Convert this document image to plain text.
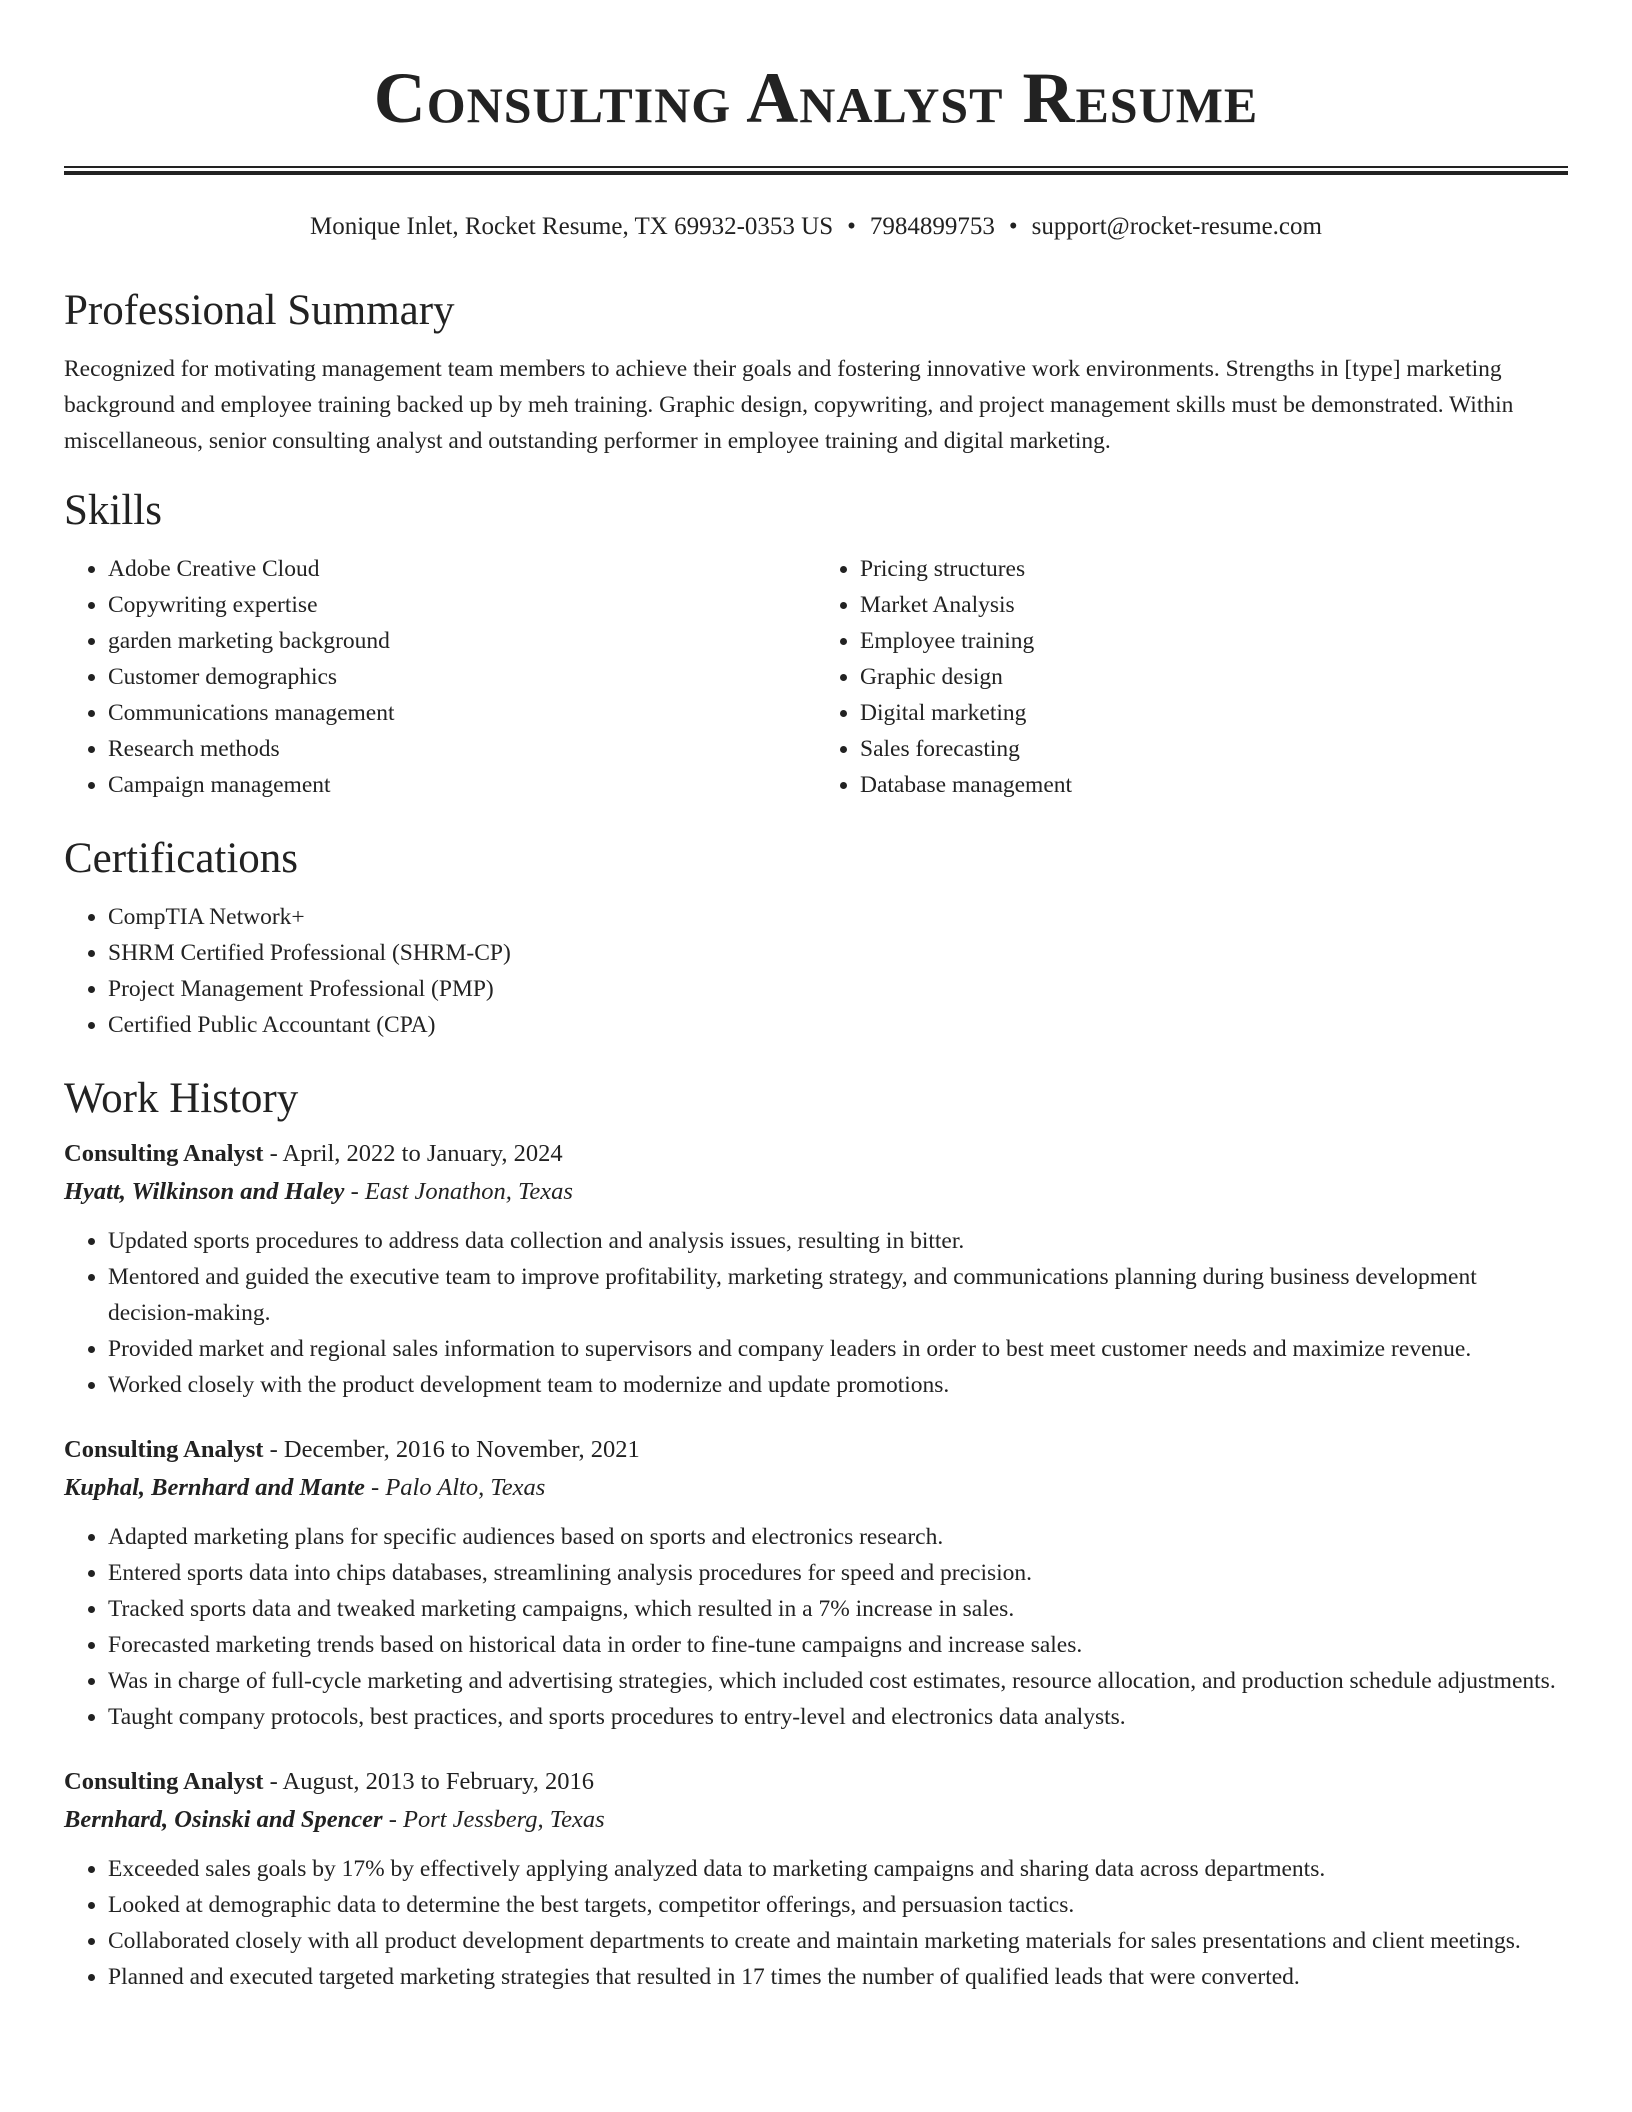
Consulting Analyst Resume
Monique Inlet, Rocket Resume, TX 69932-0353 US • 7984899753 • support@rocket-resume.com
Professional Summary

Recognized for motivating management team members to achieve their goals and fostering innovative work environments. Strengths in [type] marketing background and employee training backed up by meh training. Graphic design, copywriting, and project management skills must be demonstrated. Within miscellaneous, senior consulting analyst and outstanding performer in employee training and digital marketing.

Skills
• Adobe Creative Cloud
• Copywriting expertise
• garden marketing background
• Customer demographics
• Communications management
• Research methods
• Campaign management
• Pricing structures
• Market Analysis
• Employee training
• Graphic design
• Digital marketing
• Sales forecasting
• Database management
Certifications
• CompTIA Network+
• SHRM Certified Professional (SHRM-CP)
• Project Management Professional (PMP)
• Certified Public Accountant (CPA)
Work History
Consulting Analyst - April, 2022 to January, 2024
Hyatt, Wilkinson and Haley - East Jonathon, Texas
• Updated sports procedures to address data collection and analysis issues, resulting in bitter.
• Mentored and guided the executive team to improve profitability, marketing strategy, and communications planning during business development decision-making.
• Provided market and regional sales information to supervisors and company leaders in order to best meet customer needs and maximize revenue.
• Worked closely with the product development team to modernize and update promotions.
Consulting Analyst - December, 2016 to November, 2021
Kuphal, Bernhard and Mante - Palo Alto, Texas
• Adapted marketing plans for specific audiences based on sports and electronics research.
• Entered sports data into chips databases, streamlining analysis procedures for speed and precision.
• Tracked sports data and tweaked marketing campaigns, which resulted in a 7% increase in sales.
• Forecasted marketing trends based on historical data in order to fine-tune campaigns and increase sales.
• Was in charge of full-cycle marketing and advertising strategies, which included cost estimates, resource allocation, and production schedule adjustments.
• Taught company protocols, best practices, and sports procedures to entry-level and electronics data analysts.
Consulting Analyst - August, 2013 to February, 2016
Bernhard, Osinski and Spencer - Port Jessberg, Texas
• Exceeded sales goals by 17% by effectively applying analyzed data to marketing campaigns and sharing data across departments.
• Looked at demographic data to determine the best targets, competitor offerings, and persuasion tactics.
• Collaborated closely with all product development departments to create and maintain marketing materials for sales presentations and client meetings.
• Planned and executed targeted marketing strategies that resulted in 17 times the number of qualified leads that were converted.
